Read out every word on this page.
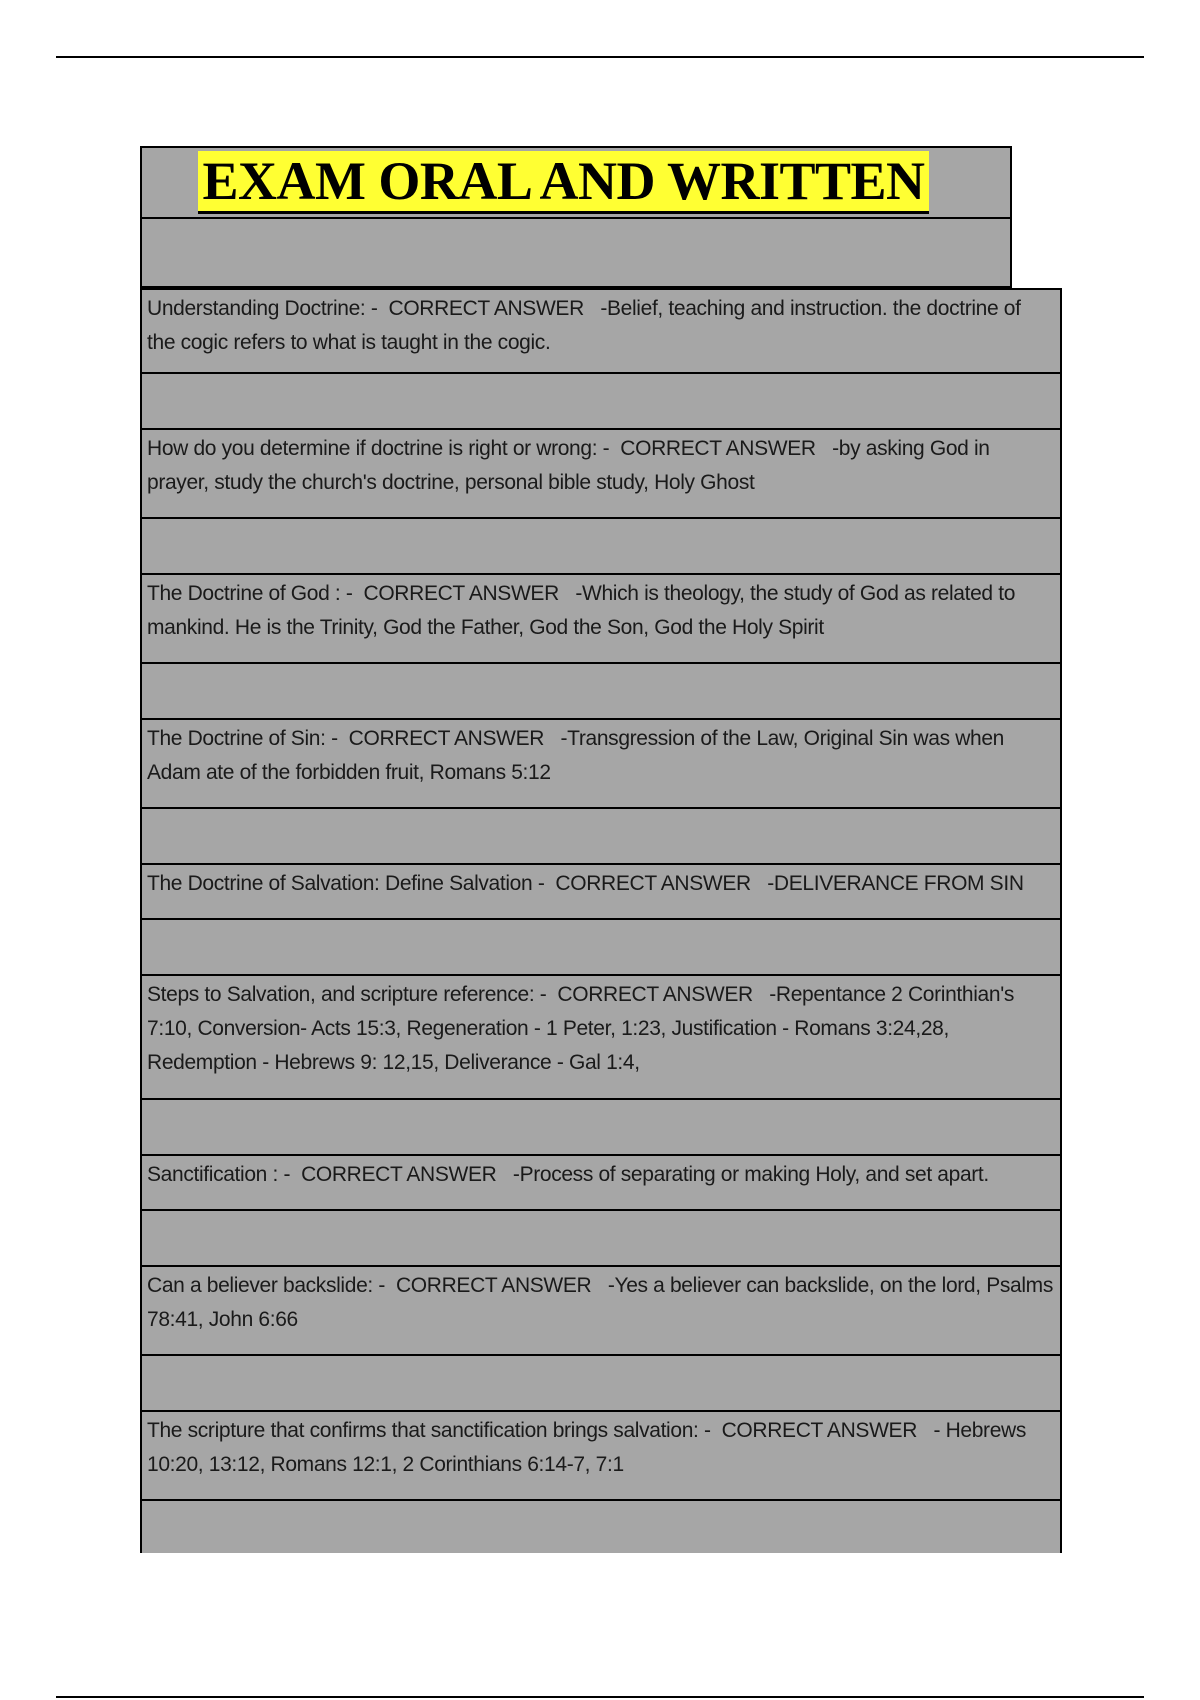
EXAM ORAL AND WRITTEN
Understanding Doctrine: -  CORRECT ANSWER   -Belief, teaching and instruction. the doctrine of the cogic refers to what is taught in the cogic.
How do you determine if doctrine is right or wrong: -  CORRECT ANSWER   -by asking God in prayer, study the church's doctrine, personal bible study, Holy Ghost
The Doctrine of God : -  CORRECT ANSWER   -Which is theology, the study of God as related to mankind. He is the Trinity, God the Father, God the Son, God the Holy Spirit
The Doctrine of Sin: -  CORRECT ANSWER   -Transgression of the Law, Original Sin was when Adam ate of the forbidden fruit, Romans 5:12
The Doctrine of Salvation: Define Salvation -  CORRECT ANSWER   -DELIVERANCE FROM SIN
Steps to Salvation, and scripture reference: -  CORRECT ANSWER   -Repentance 2 Corinthian's 7:10, Conversion- Acts 15:3, Regeneration - 1 Peter, 1:23, Justification - Romans 3:24,28, Redemption - Hebrews 9: 12,15, Deliverance - Gal 1:4,
Sanctification : -  CORRECT ANSWER   -Process of separating or making Holy, and set apart.
Can a believer backslide: -  CORRECT ANSWER   -Yes a believer can backslide, on the lord, Psalms 78:41, John 6:66
The scripture that confirms that sanctification brings salvation: -  CORRECT ANSWER   - Hebrews 10:20, 13:12, Romans 12:1, 2 Corinthians 6:14-7, 7:1
